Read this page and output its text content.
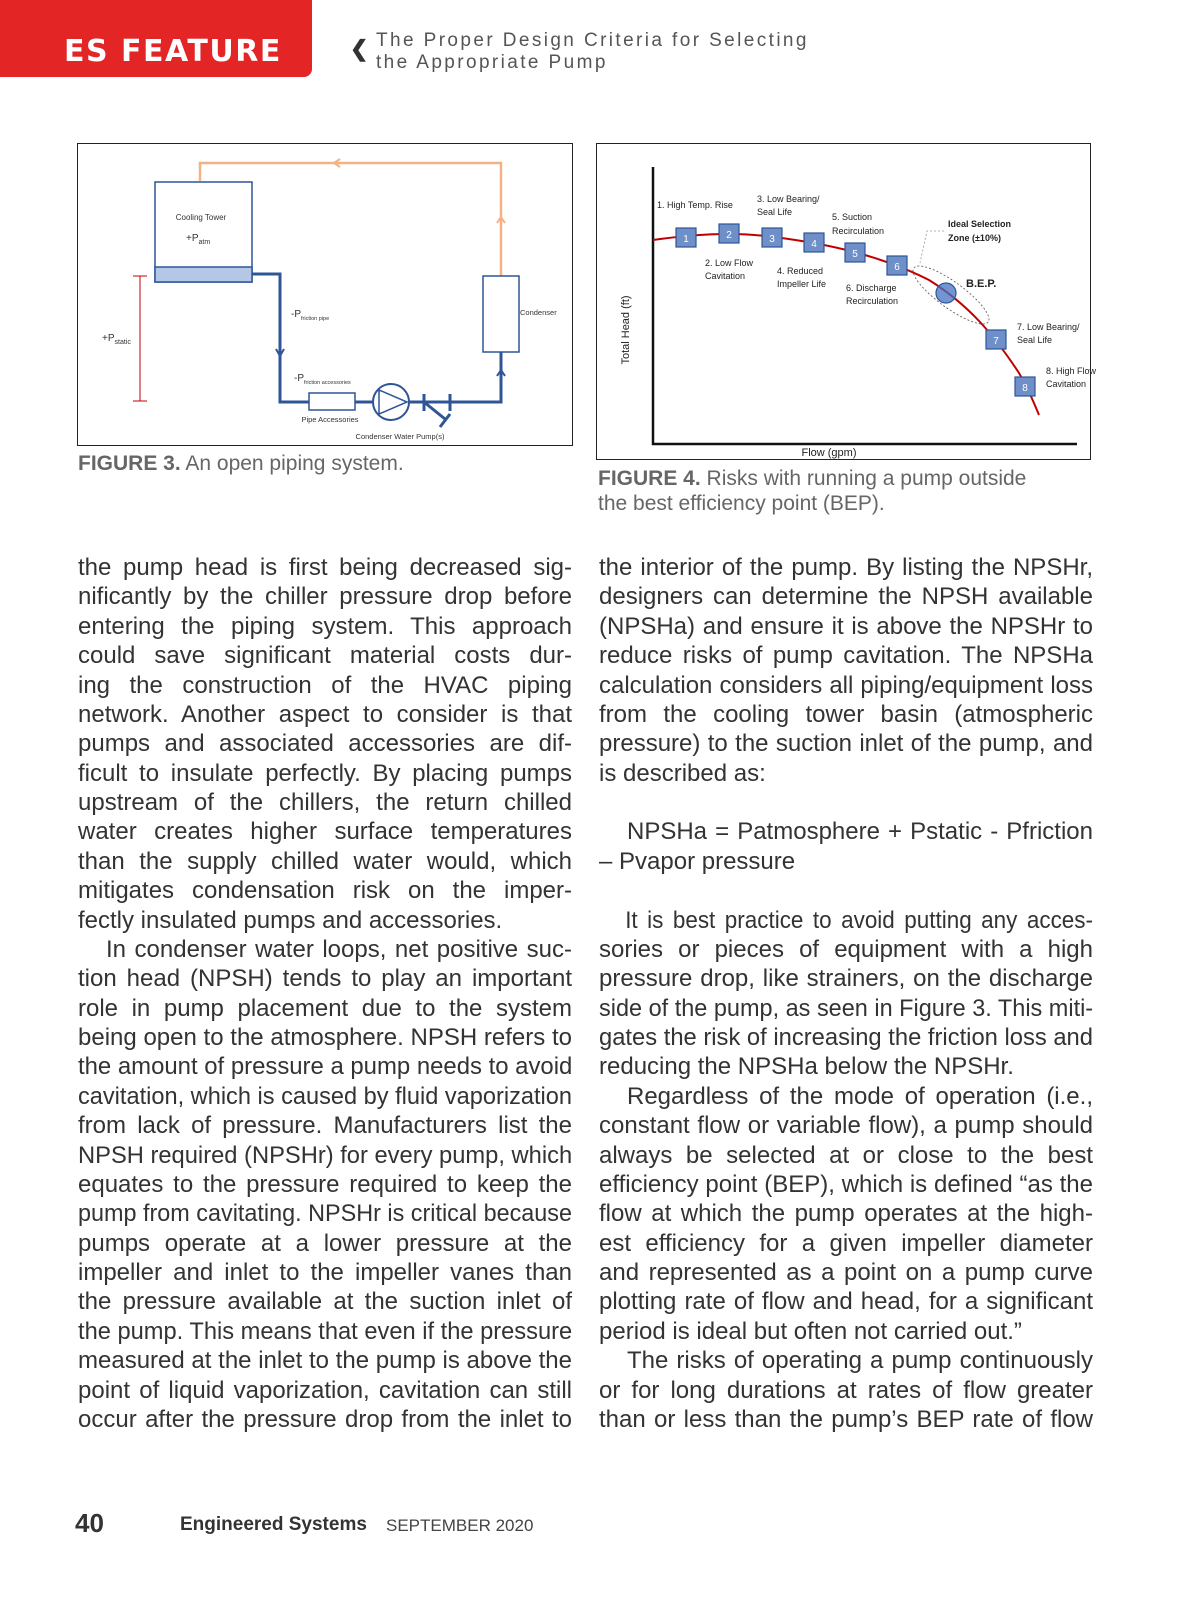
ES FEATURE	❮ The Proper Design Criteria for Selecting
the Appropriate Pump
Cooling Tower
$+P_{atm}$
$+P_{static}$
$-P_{friction pipe}$
$-P_{friction accessories}$
Pipe Accessories
Condenser Water Pump(s)
Condenser
FIGURE 3. An open piping system.
1	2	3	4
5
6
7
8
1. High Temp. Rise
3. Low Bearing/
Seal Life	5. Suction
Recirculation
Ideal Selection
Zone (±10%)
2. Low Flow
Cavitation	4. Reduced
Impeller Life 6. Discharge
Recirculation
B.E.P.
7. Low Bearing/
Seal Life
8. High Flow
Cavitation
Total Head (ft)
Flow (gpm)
FIGURE 4. Risks with running a pump outside
the best efficiency point (BEP).
the pump head is first being decreased sig-
nificantly by the chiller pressure drop before
entering the piping system. This approach
could save significant material costs dur-
ing the construction of the HVAC piping
network. Another aspect to consider is that
pumps and associated accessories are dif-
ficult to insulate perfectly. By placing pumps
upstream of the chillers, the return chilled
water creates higher surface temperatures
than the supply chilled water would, which
mitigates condensation risk on the imper-
fectly insulated pumps and accessories.
In condenser water loops, net positive suc-
tion head (NPSH) tends to play an important
role in pump placement due to the system
being open to the atmosphere. NPSH refers to
the amount of pressure a pump needs to avoid
cavitation, which is caused by fluid vaporization
from lack of pressure. Manufacturers list the
NPSH required (NPSHr) for every pump, which
equates to the pressure required to keep the
pump from cavitating. NPSHr is critical because
pumps operate at a lower pressure at the
impeller and inlet to the impeller vanes than
the pressure available at the suction inlet of
the pump. This means that even if the pressure
measured at the inlet to the pump is above the
point of liquid vaporization, cavitation can still
occur after the pressure drop from the inlet to
the interior of the pump. By listing the NPSHr,
designers can determine the NPSH available
(NPSHa) and ensure it is above the NPSHr to
reduce risks of pump cavitation. The NPSHa
calculation considers all piping/equipment loss
from the cooling tower basin (atmospheric
pressure) to the suction inlet of the pump, and
is described as:
NPSHa = Patmosphere + Pstatic - Pfriction
– Pvapor pressure
It is best practice to avoid putting any acces-
sories or pieces of equipment with a high
pressure drop, like strainers, on the discharge
side of the pump, as seen in Figure 3. This miti-
gates the risk of increasing the friction loss and
reducing the NPSHa below the NPSHr.
Regardless of the mode of operation (i.e.,
constant flow or variable flow), a pump should
always be selected at or close to the best
efficiency point (BEP), which is defined “as the
flow at which the pump operates at the high-
est efficiency for a given impeller diameter
and represented as a point on a pump curve
plotting rate of flow and head, for a significant
period is ideal but often not carried out.”
The risks of operating a pump continuously
or for long durations at rates of flow greater
than or less than the pump’s BEP rate of flow
40	Engineered Systems SEPTEMBER 2020
